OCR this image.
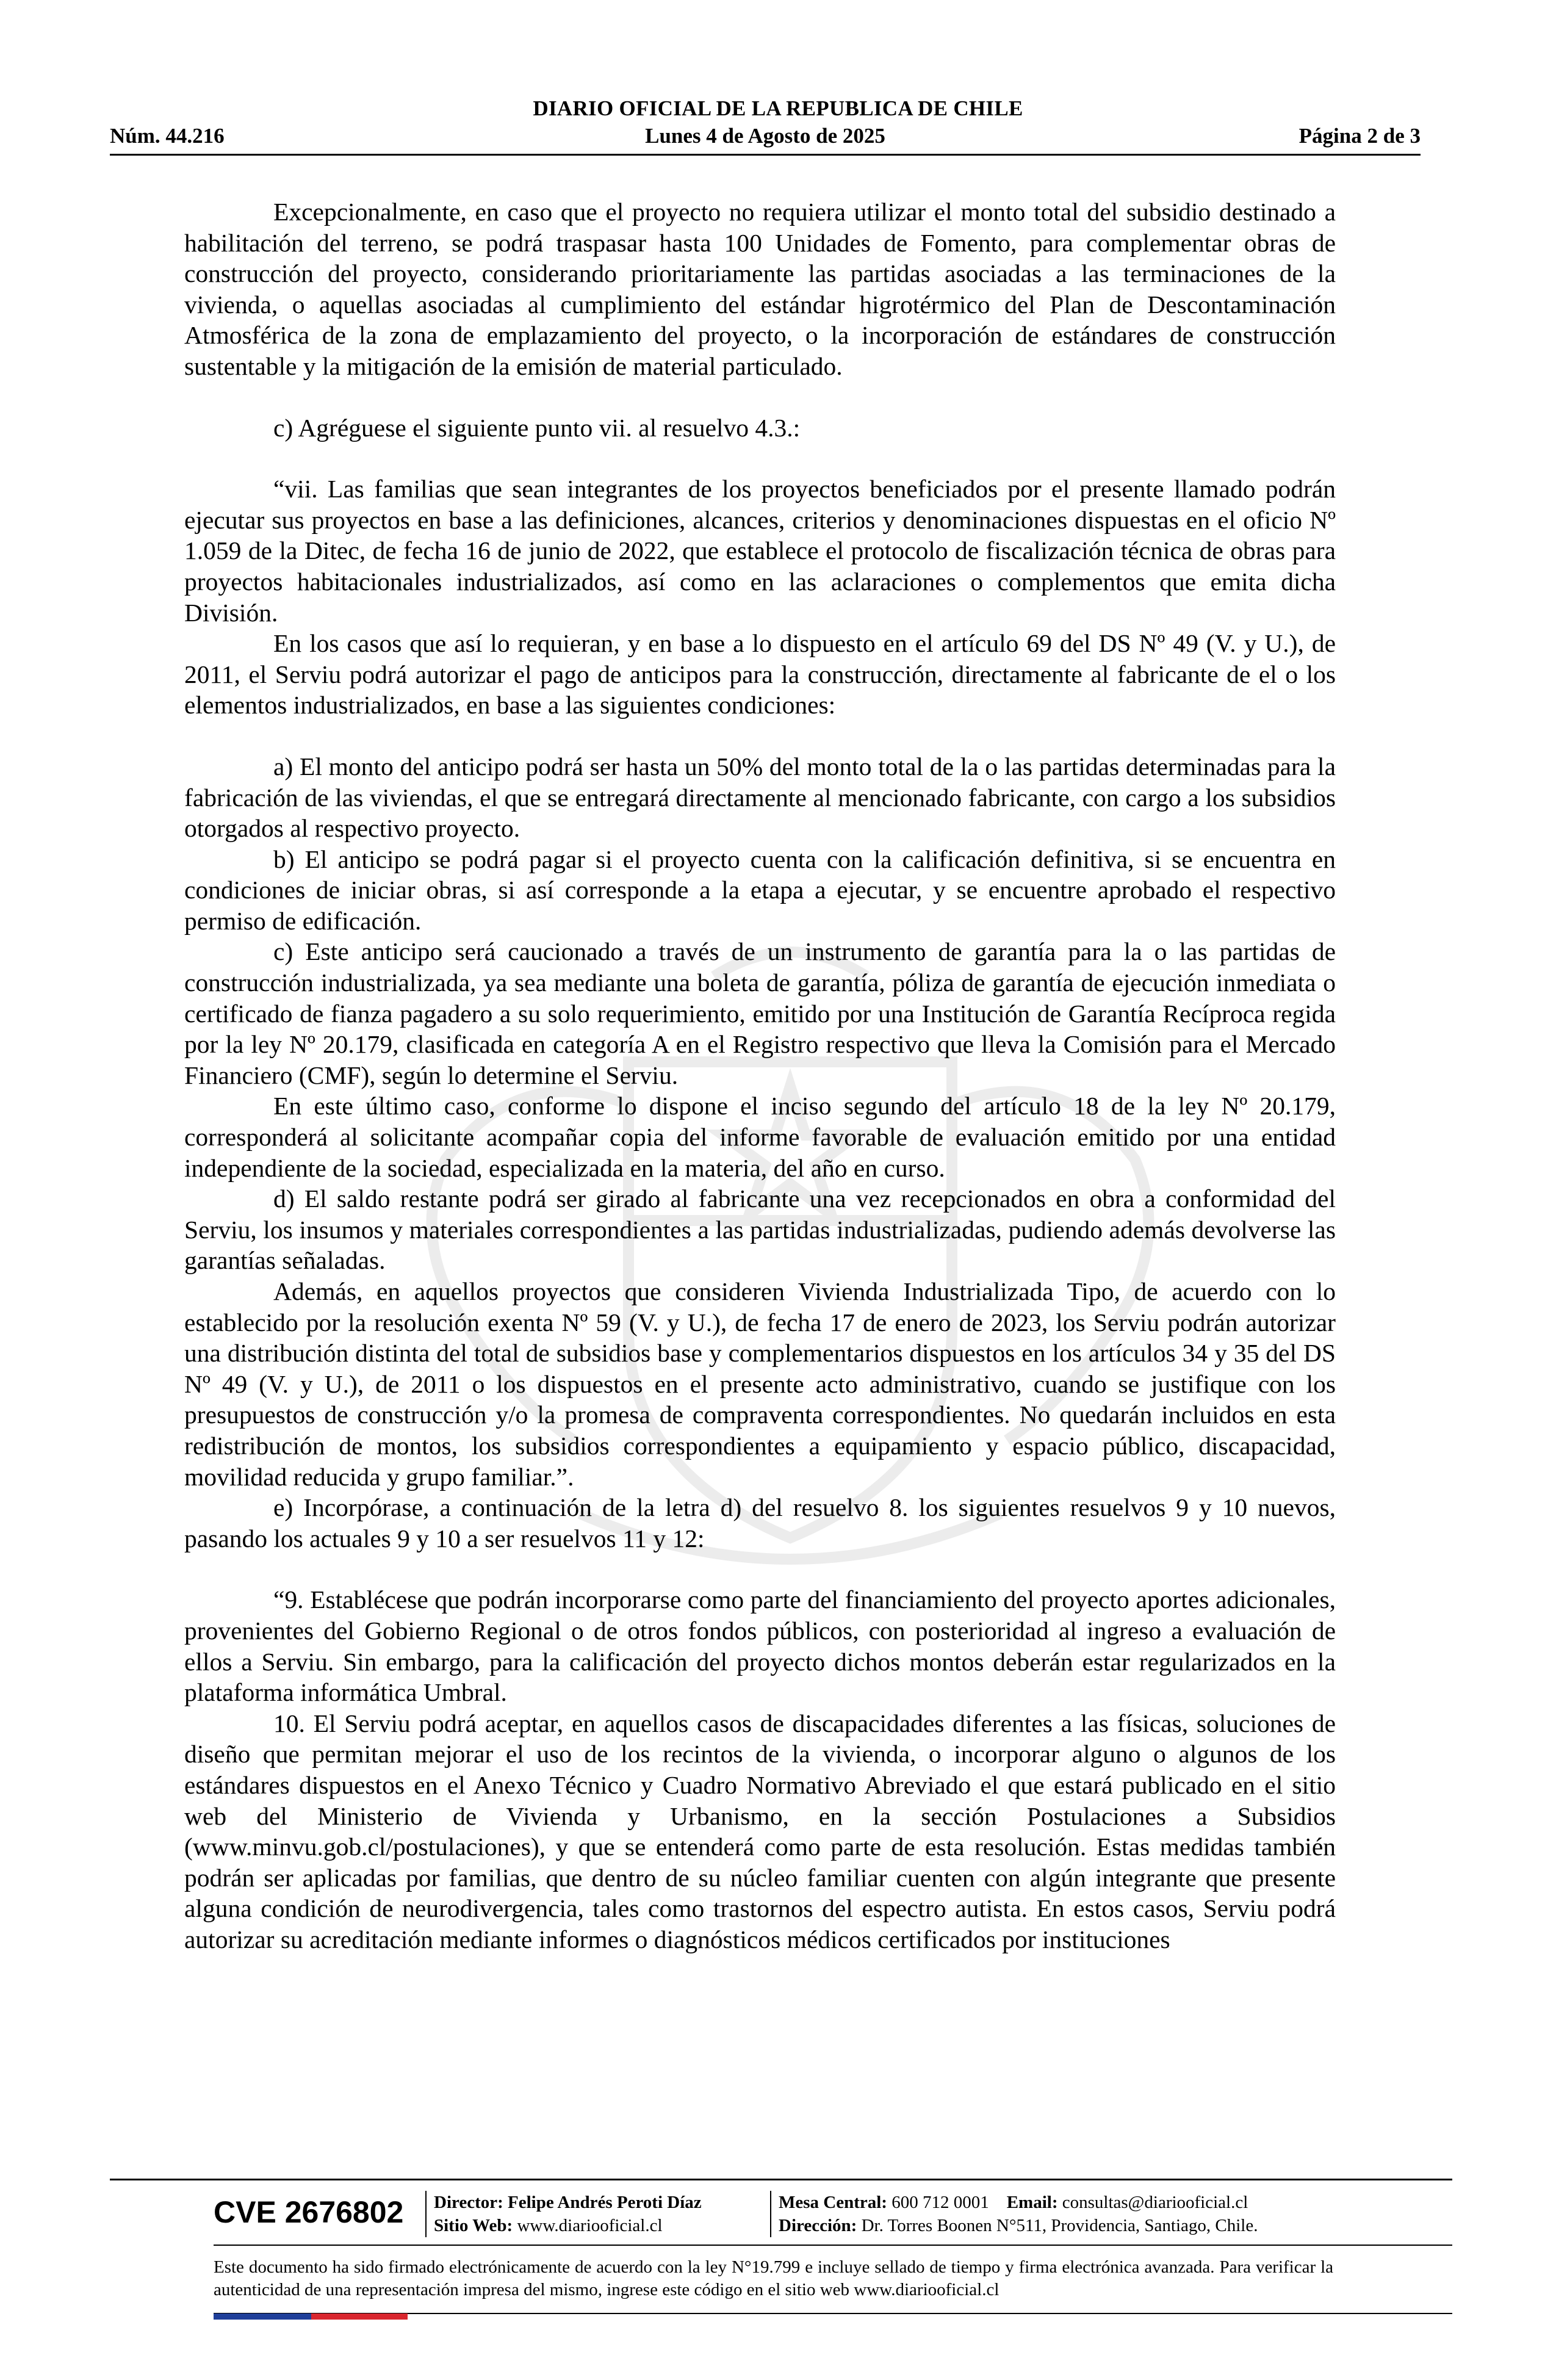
DIARIO OFICIAL DE LA REPUBLICA DE CHILE
Núm. 44.216	Lunes 4 de Agosto de 2025	Página 2 de 3

Excepcionalmente, en caso que el proyecto no requiera utilizar el monto total del subsidio destinado a habilitación del terreno, se podrá traspasar hasta 100 Unidades de Fomento, para complementar obras de construcción del proyecto, considerando prioritariamente las partidas asociadas a las terminaciones de la vivienda, o aquellas asociadas al cumplimiento del estándar higrotérmico del Plan de Descontaminación Atmosférica de la zona de emplazamiento del proyecto, o la incorporación de estándares de construcción sustentable y la mitigación de la emisión de material particulado.

c) Agréguese el siguiente punto vii. al resuelvo 4.3.:

“vii. Las familias que sean integrantes de los proyectos beneficiados por el presente llamado podrán ejecutar sus proyectos en base a las definiciones, alcances, criterios y denominaciones dispuestas en el oficio Nº 1.059 de la Ditec, de fecha 16 de junio de 2022, que establece el protocolo de fiscalización técnica de obras para proyectos habitacionales industrializados, así como en las aclaraciones o complementos que emita dicha División.

En los casos que así lo requieran, y en base a lo dispuesto en el artículo 69 del DS Nº 49 (V. y U.), de 2011, el Serviu podrá autorizar el pago de anticipos para la construcción, directamente al fabricante de el o los elementos industrializados, en base a las siguientes condiciones:

a) El monto del anticipo podrá ser hasta un 50% del monto total de la o las partidas determinadas para la fabricación de las viviendas, el que se entregará directamente al mencionado fabricante, con cargo a los subsidios otorgados al respectivo proyecto.

b) El anticipo se podrá pagar si el proyecto cuenta con la calificación definitiva, si se encuentra en condiciones de iniciar obras, si así corresponde a la etapa a ejecutar, y se encuentre aprobado el respectivo permiso de edificación.

c) Este anticipo será caucionado a través de un instrumento de garantía para la o las partidas de construcción industrializada, ya sea mediante una boleta de garantía, póliza de garantía de ejecución inmediata o certificado de fianza pagadero a su solo requerimiento, emitido por una Institución de Garantía Recíproca regida por la ley Nº 20.179, clasificada en categoría A en el Registro respectivo que lleva la Comisión para el Mercado Financiero (CMF), según lo determine el Serviu.

En este último caso, conforme lo dispone el inciso segundo del artículo 18 de la ley Nº 20.179, corresponderá al solicitante acompañar copia del informe favorable de evaluación emitido por una entidad independiente de la sociedad, especializada en la materia, del año en curso.

d) El saldo restante podrá ser girado al fabricante una vez recepcionados en obra a conformidad del Serviu, los insumos y materiales correspondientes a las partidas industrializadas, pudiendo además devolverse las garantías señaladas.

Además, en aquellos proyectos que consideren Vivienda Industrializada Tipo, de acuerdo con lo establecido por la resolución exenta Nº 59 (V. y U.), de fecha 17 de enero de 2023, los Serviu podrán autorizar una distribución distinta del total de subsidios base y complementarios dispuestos en los artículos 34 y 35 del DS Nº 49 (V. y U.), de 2011 o los dispuestos en el presente acto administrativo, cuando se justifique con los presupuestos de construcción y/o la promesa de compraventa correspondientes. No quedarán incluidos en esta redistribución de montos, los subsidios correspondientes a equipamiento y espacio público, discapacidad, movilidad reducida y grupo familiar.”.

e) Incorpórase, a continuación de la letra d) del resuelvo 8. los siguientes resuelvos 9 y 10 nuevos, pasando los actuales 9 y 10 a ser resuelvos 11 y 12:

“9. Establécese que podrán incorporarse como parte del financiamiento del proyecto aportes adicionales, provenientes del Gobierno Regional o de otros fondos públicos, con posterioridad al ingreso a evaluación de ellos a Serviu. Sin embargo, para la calificación del proyecto dichos montos deberán estar regularizados en la plataforma informática Umbral.

10. El Serviu podrá aceptar, en aquellos casos de discapacidades diferentes a las físicas, soluciones de diseño que permitan mejorar el uso de los recintos de la vivienda, o incorporar alguno o algunos de los estándares dispuestos en el Anexo Técnico y Cuadro Normativo Abreviado el que estará publicado en el sitio web del Ministerio de Vivienda y Urbanismo, en la sección Postulaciones a Subsidios (www.minvu.gob.cl/postulaciones), y que se entenderá como parte de esta resolución. Estas medidas también podrán ser aplicadas por familias, que dentro de su núcleo familiar cuenten con algún integrante que presente alguna condición de neurodivergencia, tales como trastornos del espectro autista. En estos casos, Serviu podrá autorizar su acreditación mediante informes o diagnósticos médicos certificados por instituciones

CVE 2676802 Director: Felipe Andrés Peroti Díaz
Sitio Web: www.diariooficial.cl
Mesa Central: 600 712 0001 Email: consultas@diariooficial.cl
Dirección: Dr. Torres Boonen N°511, Providencia, Santiago, Chile.
Este documento ha sido firmado electrónicamente de acuerdo con la ley N°19.799 e incluye sellado de tiempo y firma electrónica avanzada. Para verificar la autenticidad de una representación impresa del mismo, ingrese este código en el sitio web www.diariooficial.cl
